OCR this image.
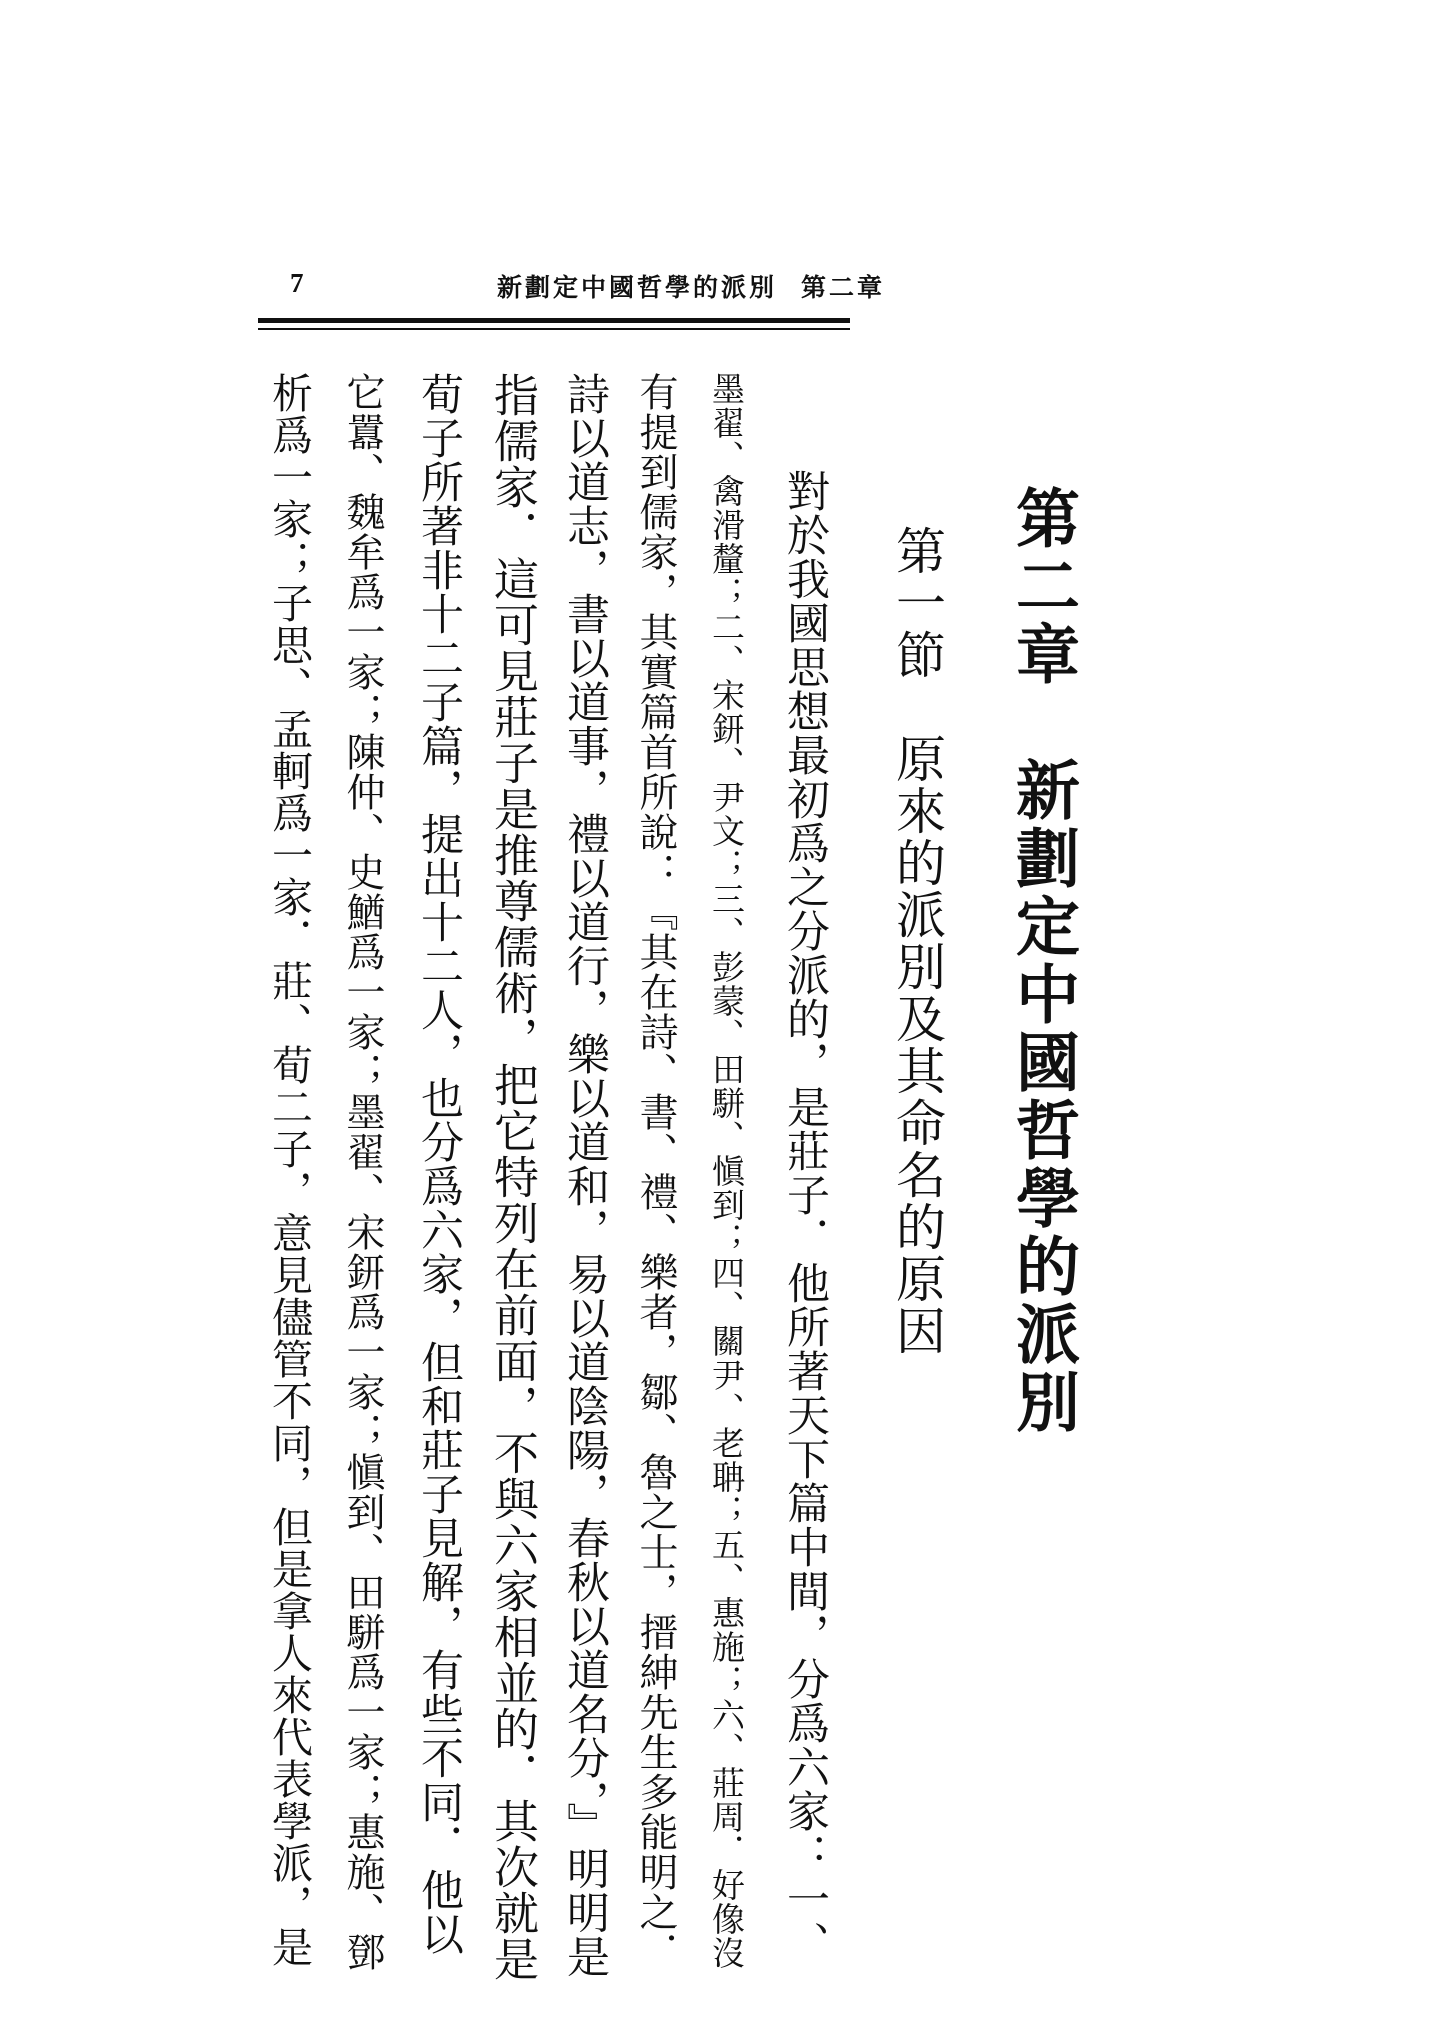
7	第二章新劃定中國哲學的派別
第二章　新劃定中國哲學的派別
第一節　原來的派別及其命名的原因
　對於我國思想最初爲之分派的，是莊子．他所著天下篇中間，分爲六家：一、
墨翟、禽滑釐；二、宋鈃、尹文；三、彭蒙、田駢、愼到；四、關尹、老聃；五、惠施；六、莊周．好像沒
有提到儒家，其實篇首所說：『其在詩、書、禮、樂者，鄒、魯之士，搢紳先生多能明之．
詩以道志，書以道事，禮以道行，樂以道和，易以道陰陽，春秋以道名分，』明明是
指儒家．這可見莊子是推尊儒術，把它特列在前面，不與六家相並的．其次就是
荀子所著非十二子篇，提出十二人，也分爲六家，但和莊子見解，有些不同．他以
它囂、魏牟爲一家；陳仲、史鰌爲一家；墨翟、宋鈃爲一家；愼到、田駢爲一家；惠施、鄧
析爲一家；子思、孟軻爲一家．莊、荀二子，意見儘管不同，但是拿人來代表學派，是
